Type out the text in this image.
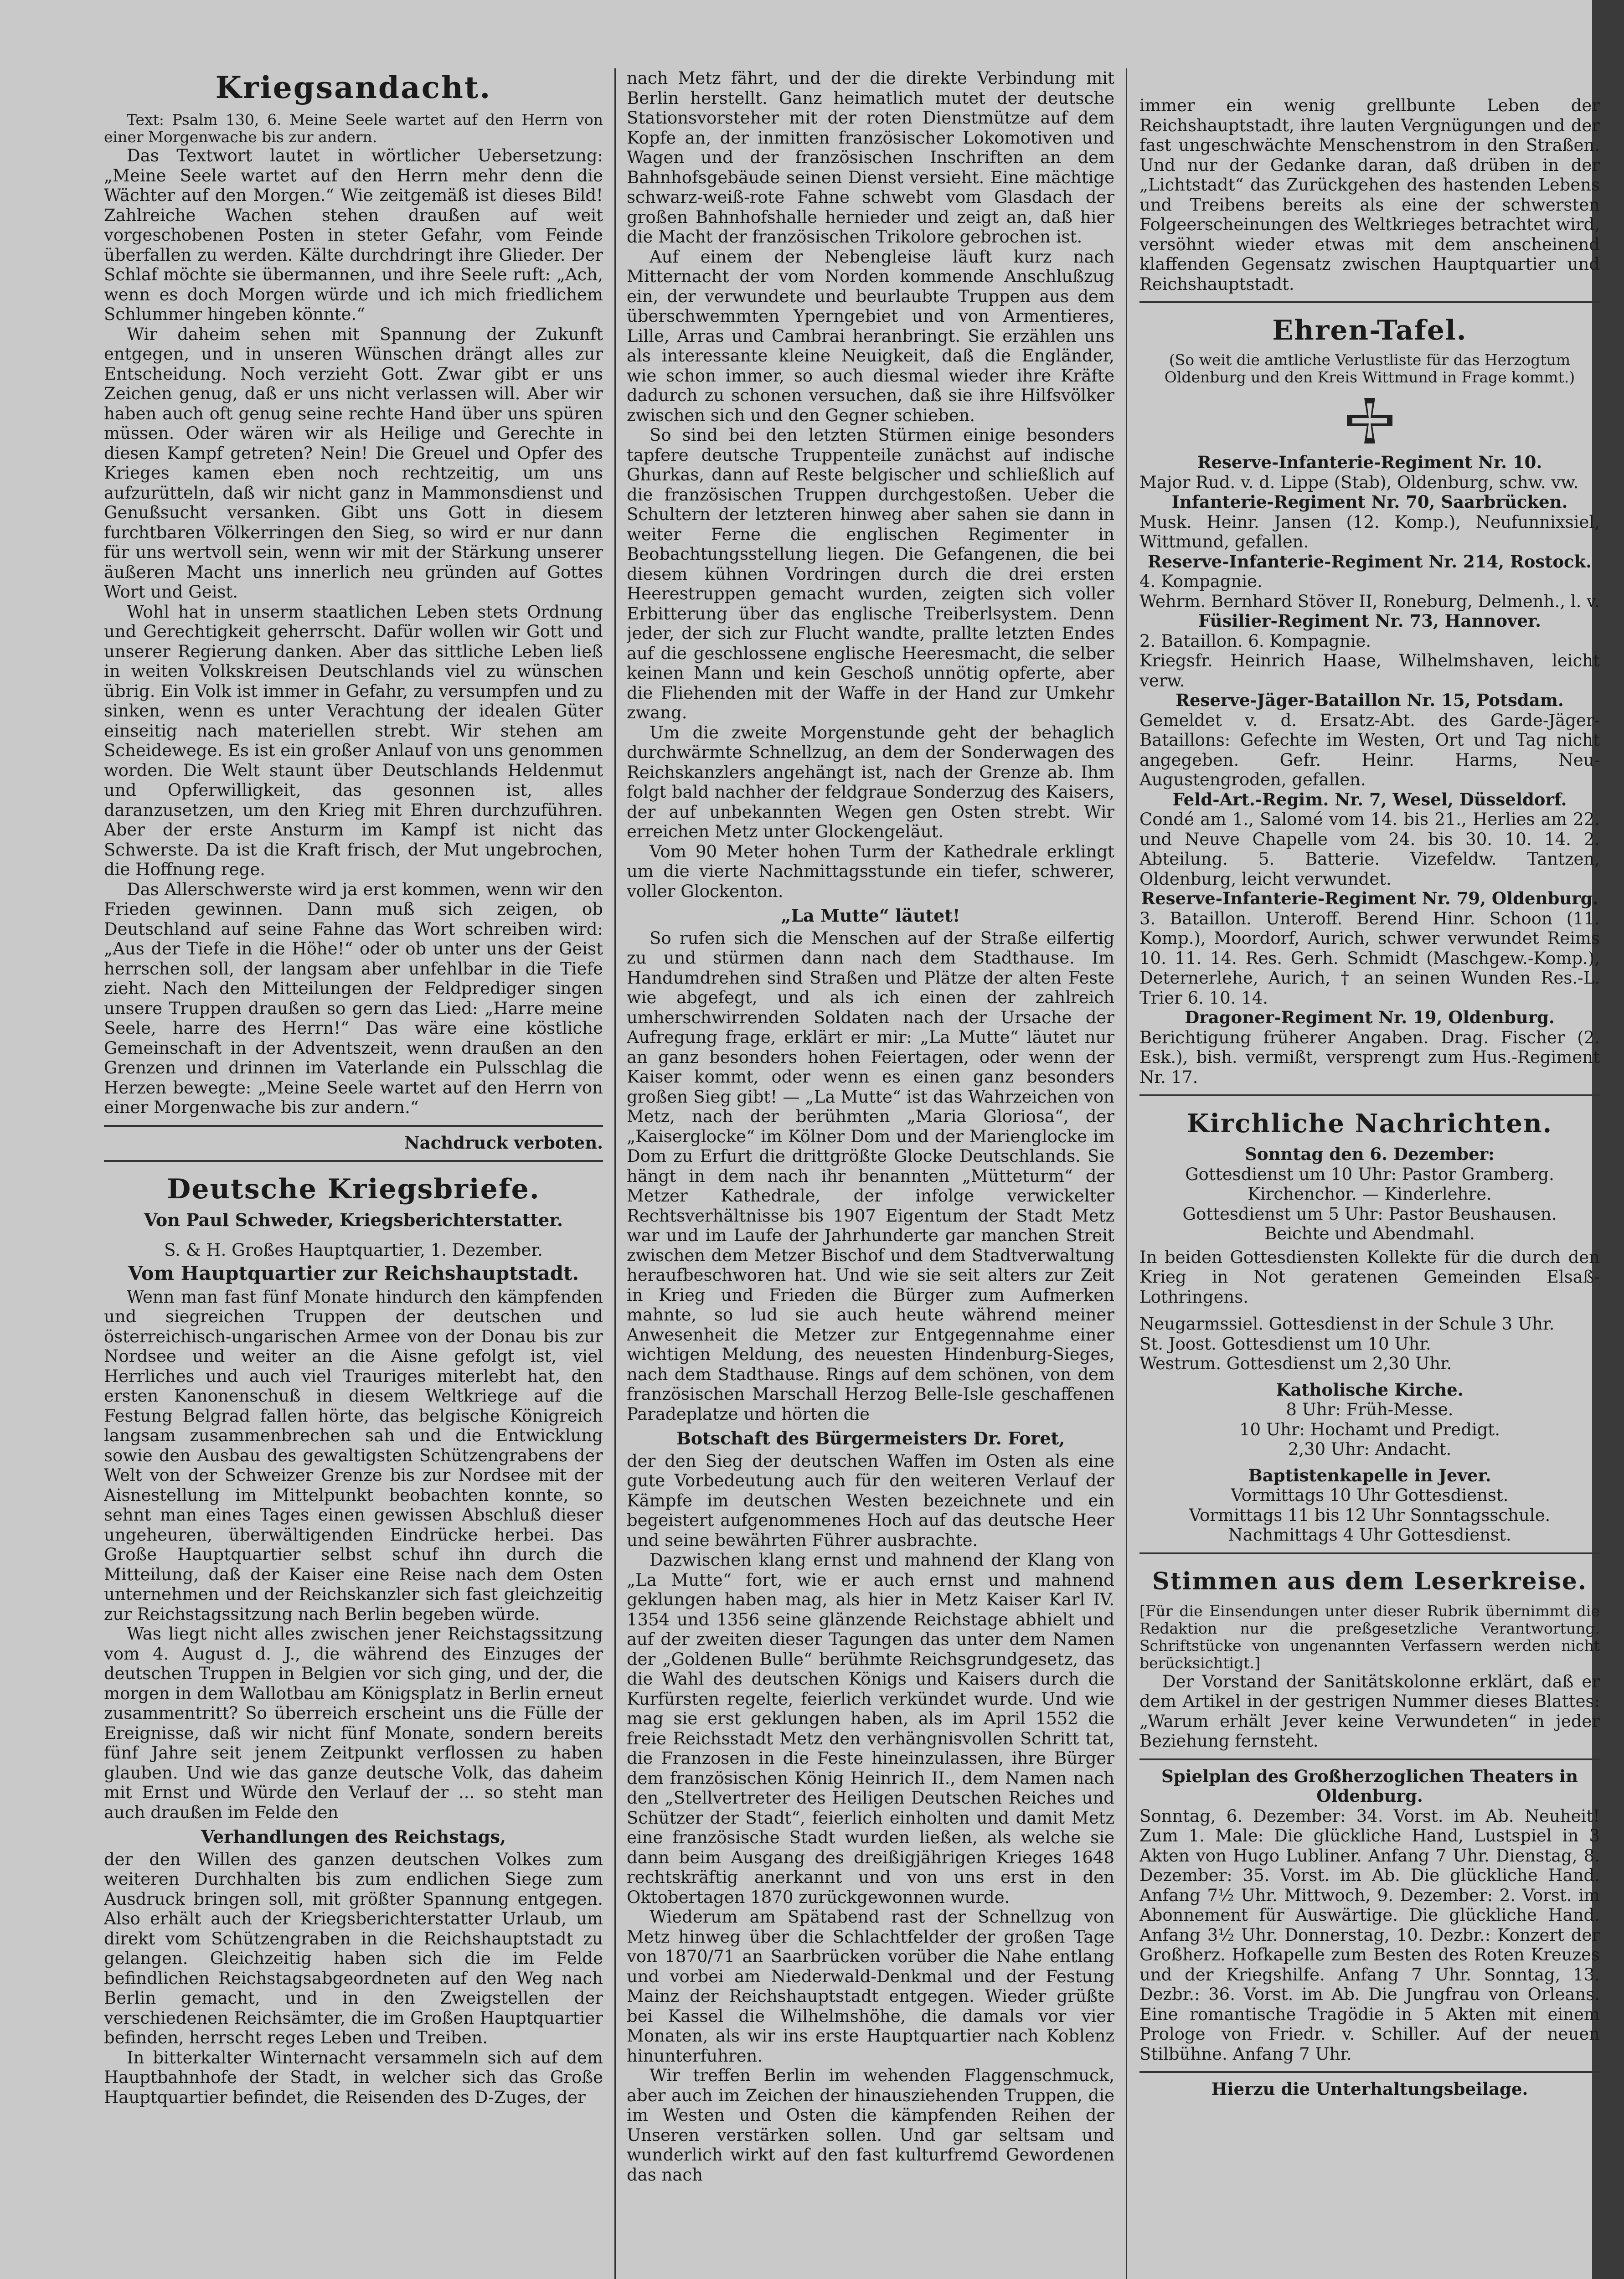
Kriegsandacht.

Text: Psalm 130, 6. Meine Seele wartet auf den Herrn von einer Morgenwache bis zur andern.

Das Textwort lautet in wörtlicher Uebersetzung: „Meine Seele wartet auf den Herrn mehr denn die Wächter auf den Morgen.“ Wie zeitgemäß ist dieses Bild! Zahlreiche Wachen stehen draußen auf weit vorgeschobenen Posten in steter Gefahr, vom Feinde überfallen zu werden. Kälte durchdringt ihre Glieder. Der Schlaf möchte sie übermannen, und ihre Seele ruft: „Ach, wenn es doch Morgen würde und ich mich friedlichem Schlummer hingeben könnte.“

Wir daheim sehen mit Spannung der Zukunft entgegen, und in unseren Wünschen drängt alles zur Entscheidung. Noch verzieht Gott. Zwar gibt er uns Zeichen genug, daß er uns nicht verlassen will. Aber wir haben auch oft genug seine rechte Hand über uns spüren müssen. Oder wären wir als Heilige und Gerechte in diesen Kampf getreten? Nein! Die Greuel und Opfer des Krieges kamen eben noch rechtzeitig, um uns aufzurütteln, daß wir nicht ganz in Mammonsdienst und Genußsucht versanken. Gibt uns Gott in diesem furchtbaren Völkerringen den Sieg, so wird er nur dann für uns wertvoll sein, wenn wir mit der Stärkung unserer äußeren Macht uns innerlich neu gründen auf Gottes Wort und Geist.

Wohl hat in unserm staatlichen Leben stets Ordnung und Gerechtigkeit geherrscht. Dafür wollen wir Gott und unserer Regierung danken. Aber das sittliche Leben ließ in weiten Volkskreisen Deutschlands viel zu wünschen übrig. Ein Volk ist immer in Gefahr, zu versumpfen und zu sinken, wenn es unter Verachtung der idealen Güter einseitig nach materiellen strebt. Wir stehen am Scheidewege. Es ist ein großer Anlauf von uns genommen worden. Die Welt staunt über Deutschlands Heldenmut und Opferwilligkeit, das gesonnen ist, alles daranzusetzen, um den Krieg mit Ehren durchzuführen. Aber der erste Ansturm im Kampf ist nicht das Schwerste. Da ist die Kraft frisch, der Mut ungebrochen, die Hoffnung rege.

Das Allerschwerste wird ja erst kommen, wenn wir den Frieden gewinnen. Dann muß sich zeigen, ob Deutschland auf seine Fahne das Wort schreiben wird: „Aus der Tiefe in die Höhe!“ oder ob unter uns der Geist herrschen soll, der langsam aber unfehlbar in die Tiefe zieht. Nach den Mitteilungen der Feldprediger singen unsere Truppen draußen so gern das Lied: „Harre meine Seele, harre des Herrn!“ Das wäre eine köstliche Gemeinschaft in der Adventszeit, wenn draußen an den Grenzen und drinnen im Vaterlande ein Pulsschlag die Herzen bewegte: „Meine Seele wartet auf den Herrn von einer Morgenwache bis zur andern.“

Nachdruck verboten.

Deutsche Kriegsbriefe.
Von Paul Schweder, Kriegsberichterstatter.

S. & H. Großes Hauptquartier, 1. Dezember.

Vom Hauptquartier zur Reichshauptstadt.

Wenn man fast fünf Monate hindurch den kämpfenden und siegreichen Truppen der deutschen und österreichisch-ungarischen Armee von der Donau bis zur Nordsee und weiter an die Aisne gefolgt ist, viel Herrliches und auch viel Trauriges miterlebt hat, den ersten Kanonenschuß in diesem Weltkriege auf die Festung Belgrad fallen hörte, das belgische Königreich langsam zusammenbrechen sah und die Entwicklung sowie den Ausbau des gewaltigsten Schützengrabens der Welt von der Schweizer Grenze bis zur Nordsee mit der Aisnestellung im Mittelpunkt beobachten konnte, so sehnt man eines Tages einen gewissen Abschluß dieser ungeheuren, überwältigenden Eindrücke herbei. Das Große Hauptquartier selbst schuf ihn durch die Mitteilung, daß der Kaiser eine Reise nach dem Osten unternehmen und der Reichskanzler sich fast gleichzeitig zur Reichstagssitzung nach Berlin begeben würde.

Was liegt nicht alles zwischen jener Reichstagssitzung vom 4. August d. J., die während des Einzuges der deutschen Truppen in Belgien vor sich ging, und der, die morgen in dem Wallotbau am Königsplatz in Berlin erneut zusammentritt? So überreich erscheint uns die Fülle der Ereignisse, daß wir nicht fünf Monate, sondern bereits fünf Jahre seit jenem Zeitpunkt verflossen zu haben glauben. Und wie das ganze deutsche Volk, das daheim mit Ernst und Würde den Verlauf der ... so steht man auch draußen im Felde den

Verhandlungen des Reichstags,

der den Willen des ganzen deutschen Volkes zum weiteren Durchhalten bis zum endlichen Siege zum Ausdruck bringen soll, mit größter Spannung entgegen. Also erhält auch der Kriegsberichterstatter Urlaub, um direkt vom Schützengraben in die Reichshauptstadt zu gelangen. Gleichzeitig haben sich die im Felde befindlichen Reichstagsabgeordneten auf den Weg nach Berlin gemacht, und in den Zweigstellen der verschiedenen Reichsämter, die im Großen Hauptquartier befinden, herrscht reges Leben und Treiben.

In bitterkalter Winternacht versammeln sich auf dem Hauptbahnhofe der Stadt, in welcher sich das Große Hauptquartier befindet, die Reisenden des D-Zuges, der

nach Metz fährt, und der die direkte Verbindung mit Berlin herstellt. Ganz heimatlich mutet der deutsche Stationsvorsteher mit der roten Dienstmütze auf dem Kopfe an, der inmitten französischer Lokomotiven und Wagen und der französischen Inschriften an dem Bahnhofsgebäude seinen Dienst versieht. Eine mächtige schwarz-weiß-rote Fahne schwebt vom Glasdach der großen Bahnhofshalle hernieder und zeigt an, daß hier die Macht der französischen Trikolore gebrochen ist.

Auf einem der Nebengleise läuft kurz nach Mitternacht der vom Norden kommende Anschlußzug ein, der verwundete und beurlaubte Truppen aus dem überschwemmten Yperngebiet und von Armentieres, Lille, Arras und Cambrai heranbringt. Sie erzählen uns als interessante kleine Neuigkeit, daß die Engländer, wie schon immer, so auch diesmal wieder ihre Kräfte dadurch zu schonen versuchen, daß sie ihre Hilfsvölker zwischen sich und den Gegner schieben.

So sind bei den letzten Stürmen einige besonders tapfere deutsche Truppenteile zunächst auf indische Ghurkas, dann auf Reste belgischer und schließlich auf die französischen Truppen durchgestoßen. Ueber die Schultern der letzteren hinweg aber sahen sie dann in weiter Ferne die englischen Regimenter in Beobachtungsstellung liegen. Die Gefangenen, die bei diesem kühnen Vordringen durch die drei ersten Heerestruppen gemacht wurden, zeigten sich voller Erbitterung über das englische Treiberlsystem. Denn jeder, der sich zur Flucht wandte, prallte letzten Endes auf die geschlossene englische Heeresmacht, die selber keinen Mann und kein Geschoß unnötig opferte, aber die Fliehenden mit der Waffe in der Hand zur Umkehr zwang.

Um die zweite Morgenstunde geht der behaglich durchwärmte Schnellzug, an dem der Sonderwagen des Reichskanzlers angehängt ist, nach der Grenze ab. Ihm folgt bald nachher der feldgraue Sonderzug des Kaisers, der auf unbekannten Wegen gen Osten strebt. Wir erreichen Metz unter Glockengeläut.

Vom 90 Meter hohen Turm der Kathedrale erklingt um die vierte Nachmittagsstunde ein tiefer, schwerer, voller Glockenton.

„La Mutte“ läutet!

So rufen sich die Menschen auf der Straße eilfertig zu und stürmen dann nach dem Stadthause. Im Handumdrehen sind Straßen und Plätze der alten Feste wie abgefegt, und als ich einen der zahlreich umherschwirrenden Soldaten nach der Ursache der Aufregung frage, erklärt er mir: „La Mutte“ läutet nur an ganz besonders hohen Feiertagen, oder wenn der Kaiser kommt, oder wenn es einen ganz besonders großen Sieg gibt! — „La Mutte“ ist das Wahrzeichen von Metz, nach der berühmten „Maria Gloriosa“, der „Kaiserglocke“ im Kölner Dom und der Marienglocke im Dom zu Erfurt die drittgrößte Glocke Deutschlands. Sie hängt in dem nach ihr benannten „Mütteturm“ der Metzer Kathedrale, der infolge verwickelter Rechtsverhältnisse bis 1907 Eigentum der Stadt Metz war und im Laufe der Jahrhunderte gar manchen Streit zwischen dem Metzer Bischof und dem Stadtverwaltung heraufbeschworen hat. Und wie sie seit alters zur Zeit in Krieg und Frieden die Bürger zum Aufmerken mahnte, so lud sie auch heute während meiner Anwesenheit die Metzer zur Entgegennahme einer wichtigen Meldung, des neuesten Hindenburg-Sieges, nach dem Stadthause. Rings auf dem schönen, von dem französischen Marschall Herzog Belle-Isle geschaffenen Paradeplatze und hörten die

Botschaft des Bürgermeisters Dr. Foret,

der den Sieg der deutschen Waffen im Osten als eine gute Vorbedeutung auch für den weiteren Verlauf der Kämpfe im deutschen Westen bezeichnete und ein begeistert aufgenommenes Hoch auf das deutsche Heer und seine bewährten Führer ausbrachte.

Dazwischen klang ernst und mahnend der Klang von „La Mutte“ fort, wie er auch ernst und mahnend geklungen haben mag, als hier in Metz Kaiser Karl IV. 1354 und 1356 seine glänzende Reichstage abhielt und auf der zweiten dieser Tagungen das unter dem Namen der „Goldenen Bulle“ berühmte Reichsgrundgesetz, das die Wahl des deutschen Königs und Kaisers durch die Kurfürsten regelte, feierlich verkündet wurde. Und wie mag sie erst geklungen haben, als im April 1552 die freie Reichsstadt Metz den verhängnisvollen Schritt tat, die Franzosen in die Feste hineinzulassen, ihre Bürger dem französischen König Heinrich II., dem Namen nach den „Stellvertreter des Heiligen Deutschen Reiches und Schützer der Stadt“, feierlich einholten und damit Metz eine französische Stadt wurden ließen, als welche sie dann beim Ausgang des dreißigjährigen Krieges 1648 rechtskräftig anerkannt und von uns erst in den Oktobertagen 1870 zurückgewonnen wurde.

Wiederum am Spätabend rast der Schnellzug von Metz hinweg über die Schlachtfelder der großen Tage von 1870/71 an Saarbrücken vorüber die Nahe entlang und vorbei am Niederwald-Denkmal und der Festung Mainz der Reichshauptstadt entgegen. Wieder grüßte bei Kassel die Wilhelmshöhe, die damals vor vier Monaten, als wir ins erste Hauptquartier nach Koblenz hinunterfuhren.

Wir treffen Berlin im wehenden Flaggenschmuck, aber auch im Zeichen der hinausziehenden Truppen, die im Westen und Osten die kämpfenden Reihen der Unseren verstärken sollen. Und gar seltsam und wunderlich wirkt auf den fast kulturfremd Gewordenen das nach

immer ein wenig grellbunte Leben der Reichshauptstadt, ihre lauten Vergnügungen und der fast ungeschwächte Menschenstrom in den Straßen. Und nur der Gedanke daran, daß drüben in der „Lichtstadt“ das Zurückgehen des hastenden Lebens und Treibens bereits als eine der schwersten Folgeerscheinungen des Weltkrieges betrachtet wird, versöhnt wieder etwas mit dem anscheinend klaffenden Gegensatz zwischen Hauptquartier und Reichshauptstadt.

Ehren-Tafel.

(So weit die amtliche Verlustliste für das Herzogtum Oldenburg und den Kreis Wittmund in Frage kommt.)

Reserve-Infanterie-Regiment Nr. 10.

Major Rud. v. d. Lippe (Stab), Oldenburg, schw. vw.

Infanterie-Regiment Nr. 70, Saarbrücken.

Musk. Heinr. Jansen (12. Komp.), Neufunnixsiel, Wittmund, gefallen.

Reserve-Infanterie-Regiment Nr. 214, Rostock.

4. Kompagnie.

Wehrm. Bernhard Stöver II, Roneburg, Delmenh., l. v.

Füsilier-Regiment Nr. 73, Hannover.

2. Bataillon. 6. Kompagnie.

Kriegsfr. Heinrich Haase, Wilhelmshaven, leicht verw.

Reserve-Jäger-Bataillon Nr. 15, Potsdam.

Gemeldet v. d. Ersatz-Abt. des Garde-Jäger-Bataillons: Gefechte im Westen, Ort und Tag nicht angegeben. Gefr. Heinr. Harms, Neu-Augustengroden, gefallen.

Feld-Art.-Regim. Nr. 7, Wesel, Düsseldorf.

Condé am 1., Salomé vom 14. bis 21., Herlies am 22. und Neuve Chapelle vom 24. bis 30. 10. 14. 2. Abteilung. 5. Batterie. Vizefeldw. Tantzen, Oldenburg, leicht verwundet.

Reserve-Infanterie-Regiment Nr. 79, Oldenburg.

3. Bataillon. Unteroff. Berend Hinr. Schoon (11. Komp.), Moordorf, Aurich, schwer verwundet Reims 10. 11. 14. Res. Gerh. Schmidt (Maschgew.-Komp.), Deternerlehe, Aurich, † an seinen Wunden Res.-L. Trier 6. 10. 14.

Dragoner-Regiment Nr. 19, Oldenburg.

Berichtigung früherer Angaben. Drag. Fischer (2. Esk.), bish. vermißt, versprengt zum Hus.-Regiment Nr. 17.

Kirchliche Nachrichten.

Sonntag den 6. Dezember:

Gottesdienst um 10 Uhr: Pastor Gramberg.

Kirchenchor. — Kinderlehre.

Gottesdienst um 5 Uhr: Pastor Beushausen.

Beichte und Abendmahl.

In beiden Gottesdiensten Kollekte für die durch den Krieg in Not geratenen Gemeinden Elsaß-Lothringens.

Neugarmssiel. Gottesdienst in der Schule 3 Uhr.

St. Joost. Gottesdienst um 10 Uhr.

Westrum. Gottesdienst um 2,30 Uhr.

Katholische Kirche.

8 Uhr: Früh-Messe.

10 Uhr: Hochamt und Predigt.

2,30 Uhr: Andacht.

Baptistenkapelle in Jever.

Vormittags 10 Uhr Gottesdienst.

Vormittags 11 bis 12 Uhr Sonntagsschule.

Nachmittags 4 Uhr Gottesdienst.

Stimmen aus dem Leserkreise.

[Für die Einsendungen unter dieser Rubrik übernimmt die Redaktion nur die preßgesetzliche Verantwortung. Schriftstücke von ungenannten Verfassern werden nicht berücksichtigt.]

Der Vorstand der Sanitätskolonne erklärt, daß er dem Artikel in der gestrigen Nummer dieses Blattes: „Warum erhält Jever keine Verwundeten“ in jeder Beziehung fernsteht.

Spielplan des Großherzoglichen Theaters in Oldenburg.

Sonntag, 6. Dezember: 34. Vorst. im Ab. Neuheit! Zum 1. Male: Die glückliche Hand, Lustspiel in 3 Akten von Hugo Lubliner. Anfang 7 Uhr. Dienstag, 8. Dezember: 35. Vorst. im Ab. Die glückliche Hand. Anfang 7½ Uhr. Mittwoch, 9. Dezember: 2. Vorst. im Abonnement für Auswärtige. Die glückliche Hand. Anfang 3½ Uhr. Donnerstag, 10. Dezbr.: Konzert der Großherz. Hofkapelle zum Besten des Roten Kreuzes und der Kriegshilfe. Anfang 7 Uhr. Sonntag, 13. Dezbr.: 36. Vorst. im Ab. Die Jungfrau von Orleans. Eine romantische Tragödie in 5 Akten mit einem Prologe von Friedr. v. Schiller. Auf der neuen Stilbühne. Anfang 7 Uhr.

Hierzu die Unterhaltungsbeilage.
